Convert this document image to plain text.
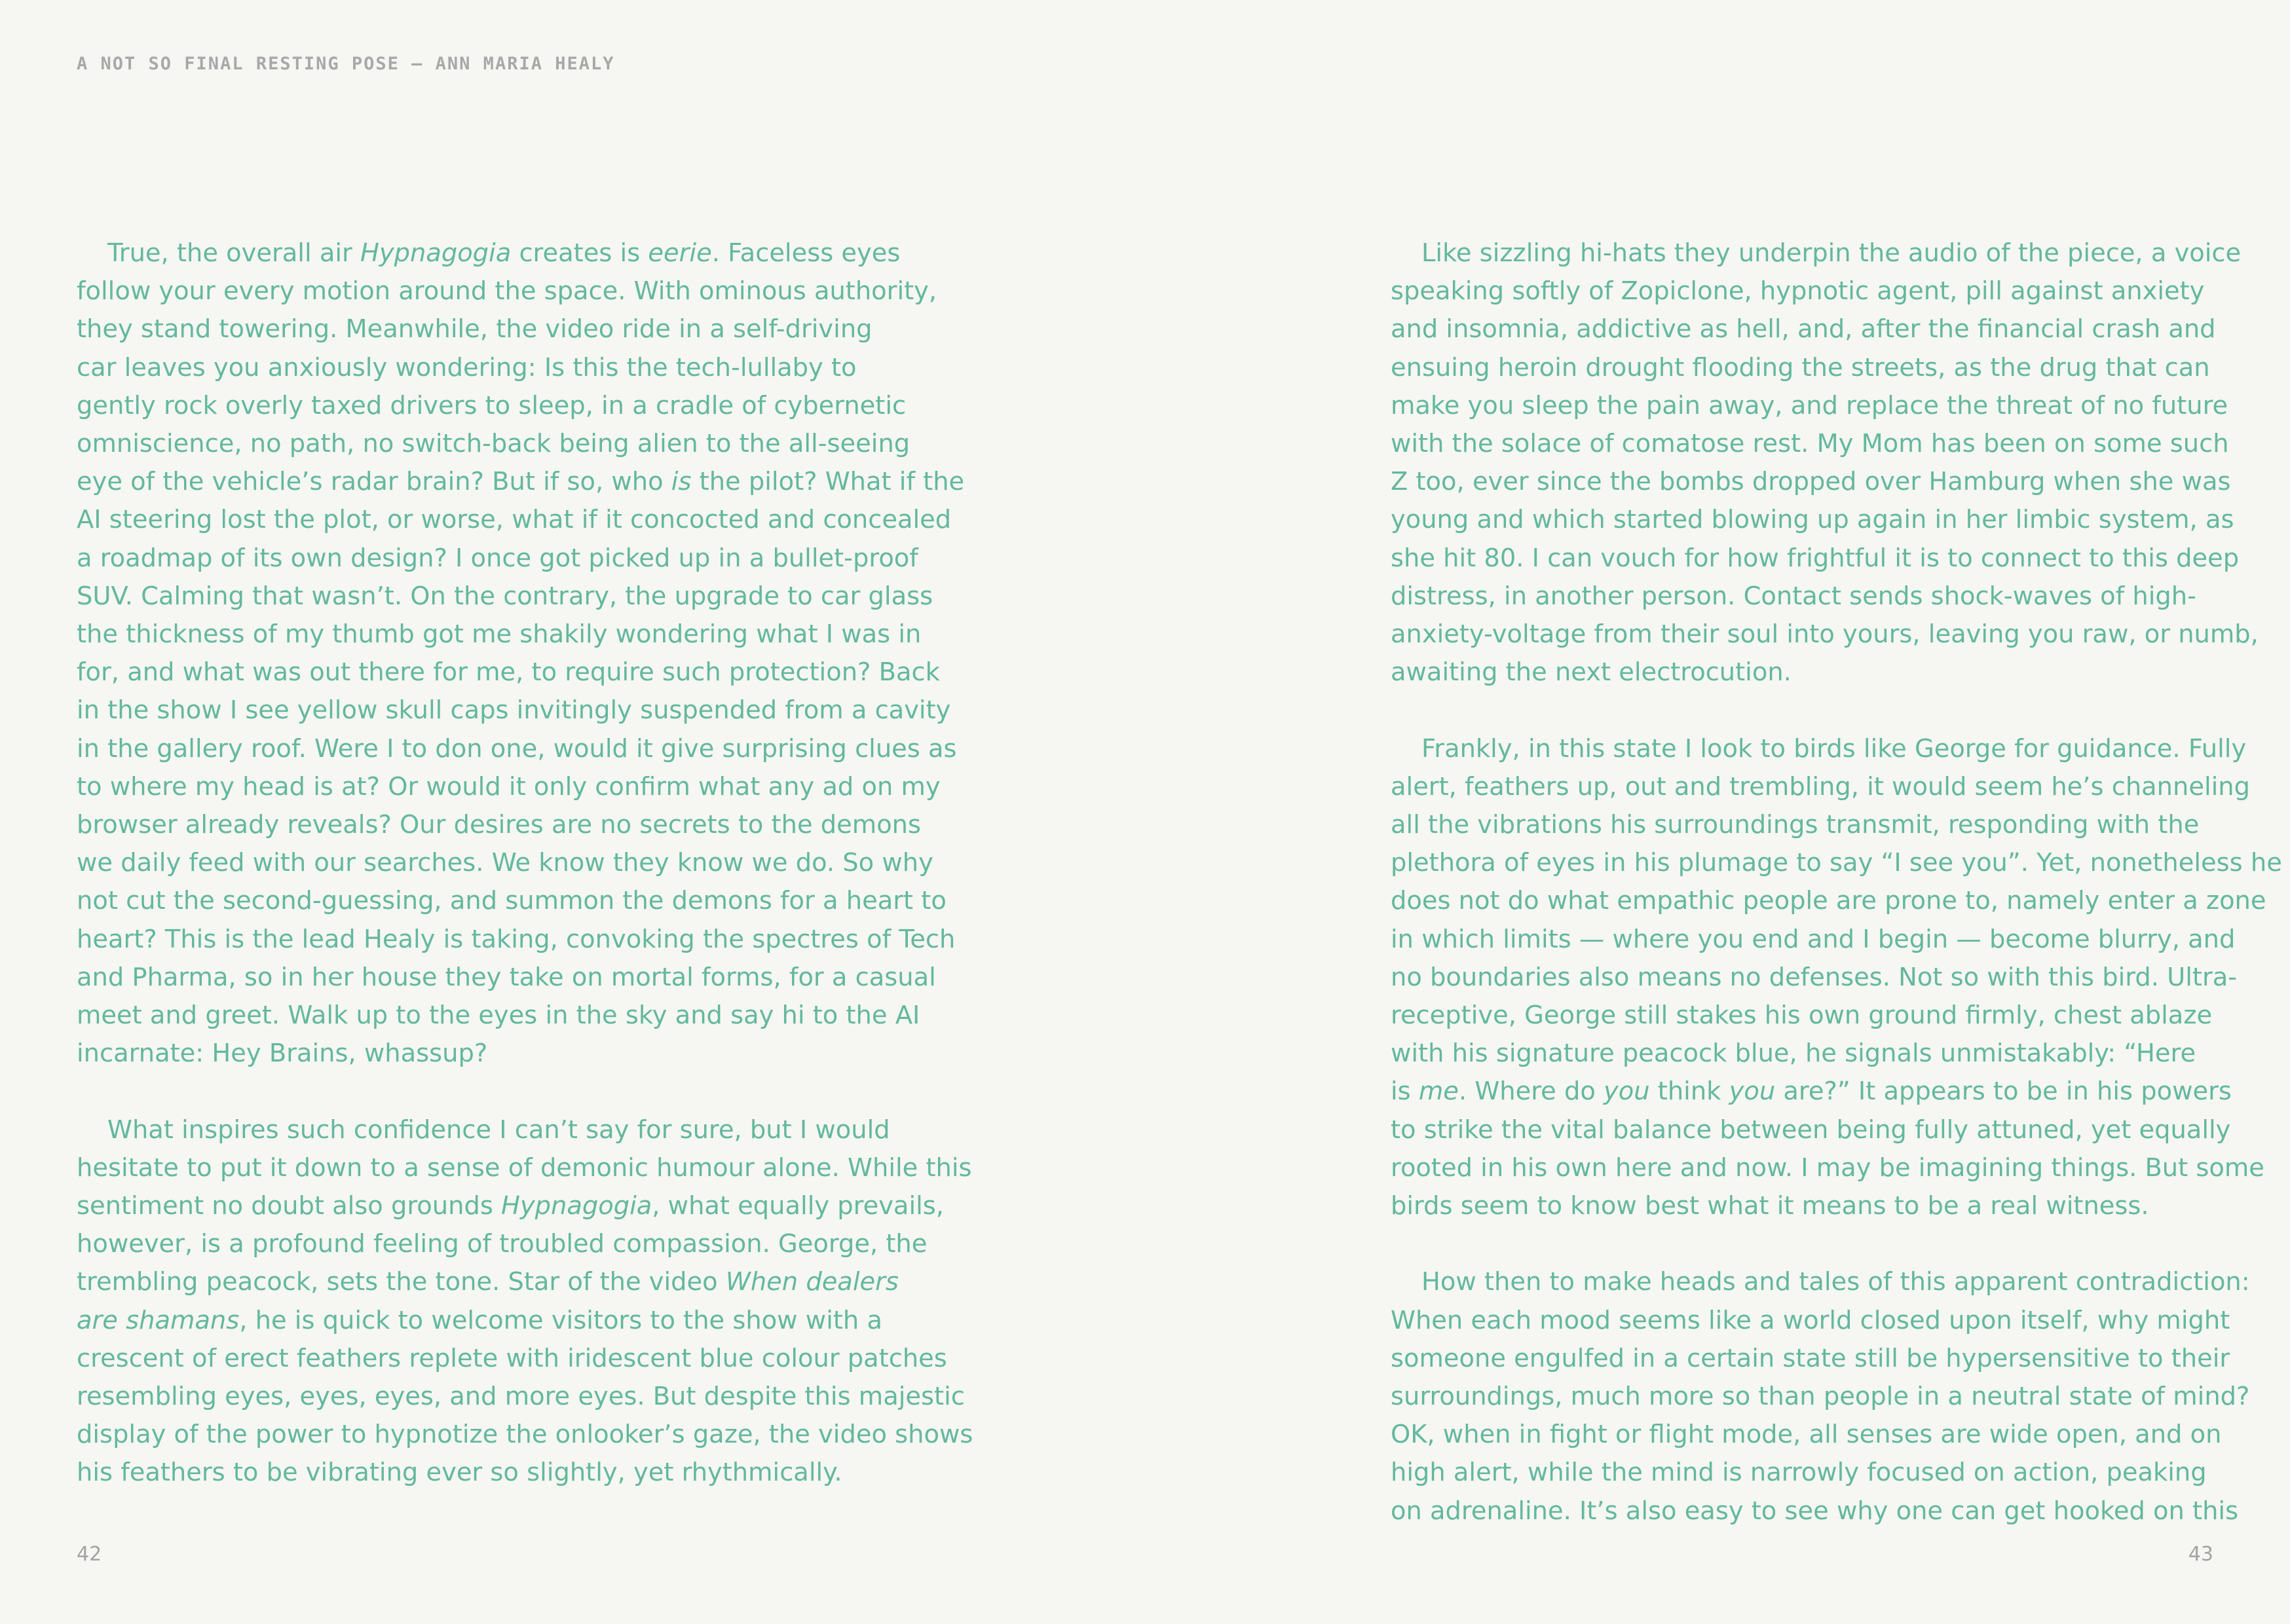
A NOT SO FINAL RESTING POSE – ANN MARIA HEALY
True, the overall air Hypnagogia creates is eerie. Faceless eyes
follow your every motion around the space. With ominous authority,
they stand towering. Meanwhile, the video ride in a self-driving
car leaves you anxiously wondering: Is this the tech-lullaby to
gently rock overly taxed drivers to sleep, in a cradle of cybernetic
omniscience, no path, no switch-back being alien to the all-seeing
eye of the vehicle’s radar brain? But if so, who is the pilot? What if the
AI steering lost the plot, or worse, what if it concocted and concealed
a roadmap of its own design? I once got picked up in a bullet-proof
SUV. Calming that wasn’t. On the contrary, the upgrade to car glass
the thickness of my thumb got me shakily wondering what I was in
for, and what was out there for me, to require such protection? Back
in the show I see yellow skull caps invitingly suspended from a cavity
in the gallery roof. Were I to don one, would it give surprising clues as
to where my head is at? Or would it only confirm what any ad on my
browser already reveals? Our desires are no secrets to the demons
we daily feed with our searches. We know they know we do. So why
not cut the second-guessing, and summon the demons for a heart to
heart? This is the lead Healy is taking, convoking the spectres of Tech
and Pharma, so in her house they take on mortal forms, for a casual
meet and greet. Walk up to the eyes in the sky and say hi to the AI
incarnate: Hey Brains, whassup?
What inspires such confidence I can’t say for sure, but I would
hesitate to put it down to a sense of demonic humour alone. While this
sentiment no doubt also grounds Hypnagogia, what equally prevails,
however, is a profound feeling of troubled compassion. George, the
trembling peacock, sets the tone. Star of the video When dealers
are shamans, he is quick to welcome visitors to the show with a
crescent of erect feathers replete with iridescent blue colour patches
resembling eyes, eyes, eyes, and more eyes. But despite this majestic
display of the power to hypnotize the onlooker’s gaze, the video shows
his feathers to be vibrating ever so slightly, yet rhythmically.
Like sizzling hi-hats they underpin the audio of the piece, a voice
speaking softly of Zopiclone, hypnotic agent, pill against anxiety
and insomnia, addictive as hell, and, after the financial crash and
ensuing heroin drought flooding the streets, as the drug that can
make you sleep the pain away, and replace the threat of no future
with the solace of comatose rest. My Mom has been on some such
Z too, ever since the bombs dropped over Hamburg when she was
young and which started blowing up again in her limbic system, as
she hit 80. I can vouch for how frightful it is to connect to this deep
distress, in another person. Contact sends shock-waves of high-
anxiety-voltage from their soul into yours, leaving you raw, or numb,
awaiting the next electrocution.
Frankly, in this state I look to birds like George for guidance. Fully
alert, feathers up, out and trembling, it would seem he’s channeling
all the vibrations his surroundings transmit, responding with the
plethora of eyes in his plumage to say “I see you”. Yet, nonetheless he
does not do what empathic people are prone to, namely enter a zone
in which limits — where you end and I begin — become blurry, and
no boundaries also means no defenses. Not so with this bird. Ultra-
receptive, George still stakes his own ground firmly, chest ablaze
with his signature peacock blue, he signals unmistakably: “Here
is me. Where do you think you are?” It appears to be in his powers
to strike the vital balance between being fully attuned, yet equally
rooted in his own here and now. I may be imagining things. But some
birds seem to know best what it means to be a real witness.
How then to make heads and tales of this apparent contradiction:
When each mood seems like a world closed upon itself, why might
someone engulfed in a certain state still be hypersensitive to their
surroundings, much more so than people in a neutral state of mind?
OK, when in fight or flight mode, all senses are wide open, and on
high alert, while the mind is narrowly focused on action, peaking
on adrenaline. It’s also easy to see why one can get hooked on this
42	43
